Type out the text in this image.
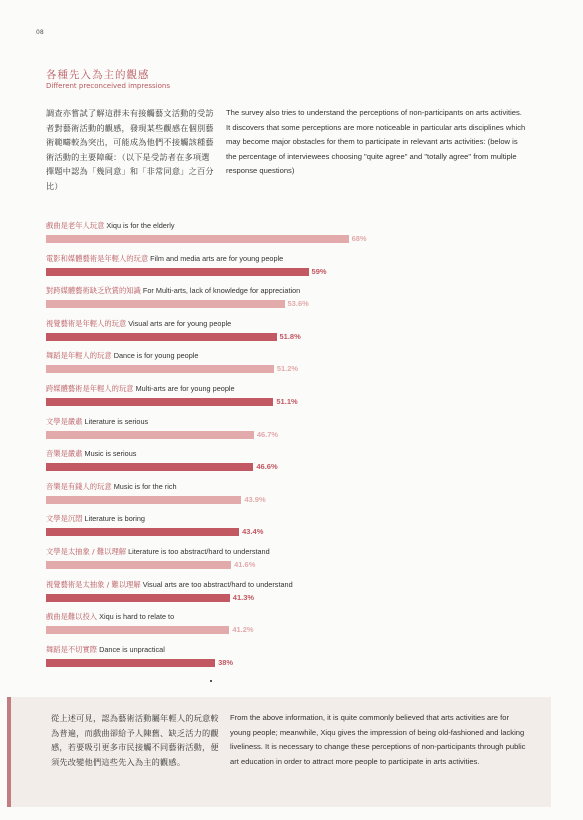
08
各種先入為主的觀感
Different preconceived impressions
調查亦嘗試了解這群未有接觸藝文活動的受訪者對藝術活動的觀感，發現某些觀感在個別藝術範疇較為突出，可能成為他們不接觸該種藝術活動的主要障礙：（以下是受訪者在多項選擇題中認為「幾同意」和「非常同意」之百分比）
The survey also tries to understand the perceptions of non-participants on arts activities. It discovers that some perceptions are more noticeable in particular arts disciplines which may become major obstacles for them to participate in relevant arts activities: (below is the percentage of interviewees choosing "quite agree" and "totally agree" from multiple response questions)
戲曲是老年人玩意 Xiqu is for the elderly
68%
電影和媒體藝術是年輕人的玩意 Film and media arts are for young people
59%
對跨媒體藝術缺乏欣賞的知識 For Multi-arts, lack of knowledge for appreciation
53.6%
視覺藝術是年輕人的玩意 Visual arts are for young people
51.8%
舞蹈是年輕人的玩意 Dance is for young people
51.2%
跨媒體藝術是年輕人的玩意 Multi-arts are for young people
51.1%
文學是嚴肅 Literature is serious
46.7%
音樂是嚴肅 Music is serious
46.6%
音樂是有錢人的玩意 Music is for the rich
43.9%
文學是沉悶 Literature is boring
43.4%
文學是太抽象 / 難以理解 Literature is too abstract/hard to understand
41.6%
視覺藝術是太抽象 / 難以理解 Visual arts are too abstract/hard to understand
41.3%
戲曲是難以投入 Xiqu is hard to relate to
41.2%
舞蹈是不切實際 Dance is unpractical
38%
從上述可見，認為藝術活動屬年輕人的玩意較為普遍，而戲曲卻給予人陳舊、缺乏活力的觀感，若要吸引更多市民接觸不同藝術活動，便須先改變他們這些先入為主的觀感。
From the above information, it is quite commonly believed that arts activities are for young people; meanwhile, Xiqu gives the impression of being old-fashioned and lacking liveliness. It is necessary to change these perceptions of non-participants through public art education in order to attract more people to participate in arts activities.
